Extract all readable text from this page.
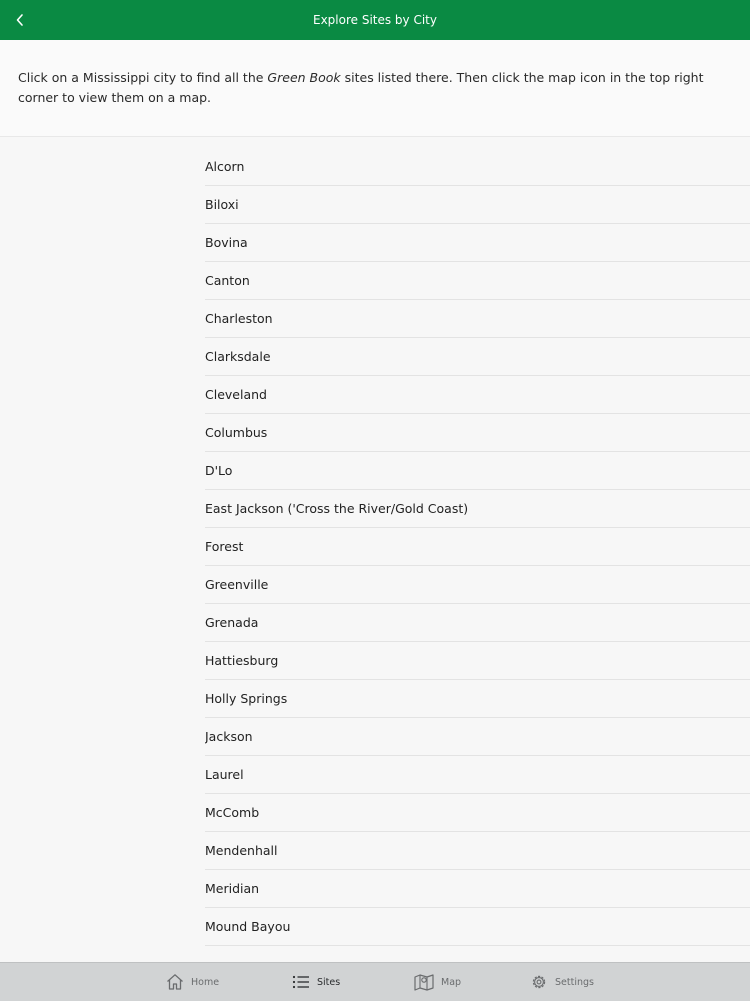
Explore Sites by City

Click on a Mississippi city to find all the Green Book sites listed there. Then click the map icon in the top right corner to view them on a map.

Alcorn
Biloxi
Bovina
Canton
Charleston
Clarksdale
Cleveland
Columbus
D'Lo
East Jackson ('Cross the River/Gold Coast)
Forest
Greenville
Grenada
Hattiesburg
Holly Springs
Jackson
Laurel
McComb
Mendenhall
Meridian
Mound Bayou
Home	Sites	Map	Settings
